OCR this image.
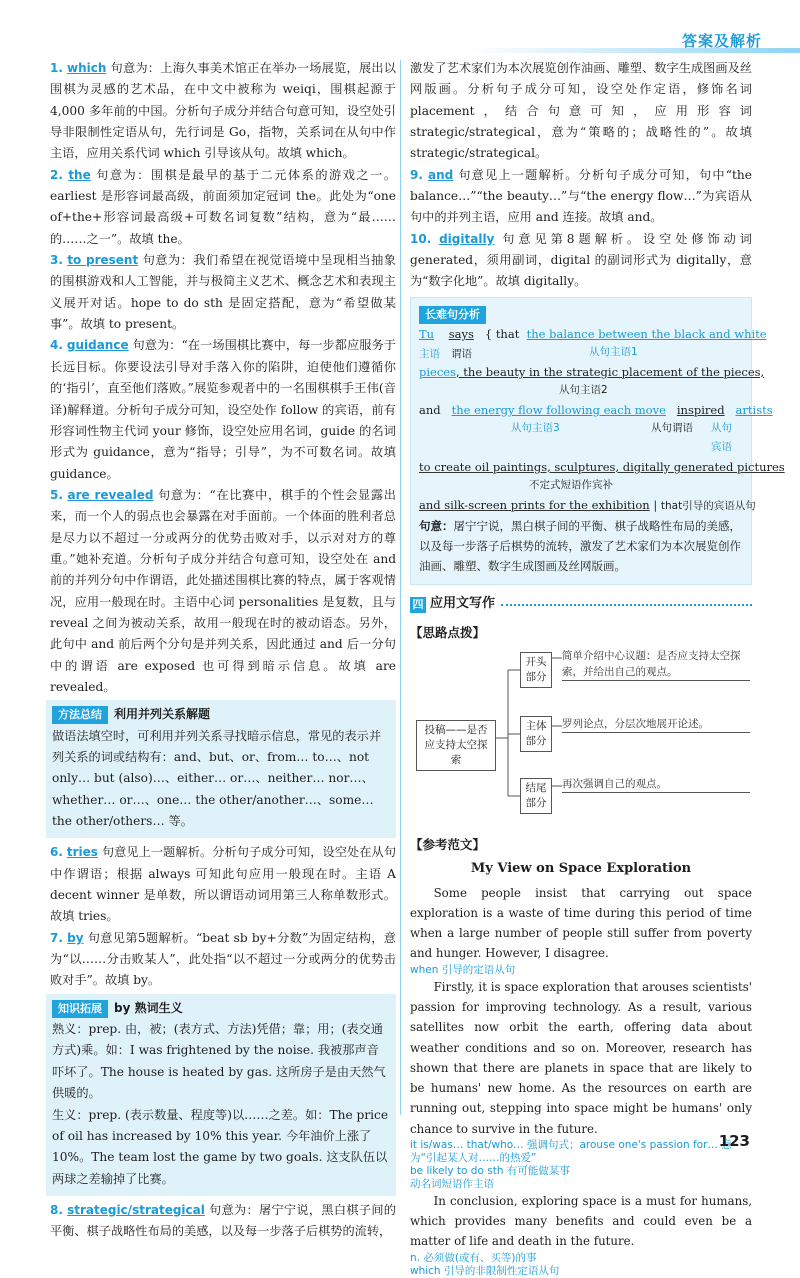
答案及解析
1. which 句意为：上海久事美术馆正在举办一场展览，展出以围棋为灵感的艺术品，在中文中被称为 weiqi，围棋起源于4,000 多年前的中国。分析句子成分并结合句意可知，设空处引导非限制性定语从句，先行词是 Go，指物，关系词在从句中作主语，应用关系代词 which 引导该从句。故填 which。
2. the 句意为：围棋是最早的基于二元体系的游戏之一。earliest 是形容词最高级，前面须加定冠词 the。此处为“one of+the+形容词最高级+可数名词复数”结构，意为“最……的……之一”。故填 the。
3. to present 句意为：我们希望在视觉语境中呈现相当抽象的围棋游戏和人工智能，并与极简主义艺术、概念艺术和表现主义展开对话。hope to do sth 是固定搭配，意为“希望做某事”。故填 to present。
4. guidance 句意为：“在一场围棋比赛中，每一步都应服务于长远目标。你要设法引导对手落入你的陷阱，迫使他们遵循你的‘指引’，直至他们落败。”展览参观者中的一名围棋棋手王伟(音译)解释道。分析句子成分可知，设空处作 follow 的宾语，前有形容词性物主代词 your 修饰，设空处应用名词，guide 的名词形式为 guidance，意为“指导；引导”，为不可数名词。故填 guidance。
5. are revealed 句意为：“在比赛中，棋手的个性会显露出来，而一个人的弱点也会暴露在对手面前。一个体面的胜利者总是尽力以不超过一分或两分的优势击败对手，以示对对方的尊重。”她补充道。分析句子成分并结合句意可知，设空处在 and 前的并列分句中作谓语，此处描述围棋比赛的特点，属于客观情况，应用一般现在时。主语中心词 personalities 是复数，且与 reveal 之间为被动关系，故用一般现在时的被动语态。另外，此句中 and 前后两个分句是并列关系，因此通过 and 后一分句中的谓语 are exposed 也可得到暗示信息。故填 are revealed。
方法总结 利用并列关系解题
做语法填空时，可利用并列关系寻找暗示信息，常见的表示并列关系的词或结构有：and、but、or、from… to…、not only… but (also)…、either… or…、neither… nor…、whether… or…、one… the other/another…、some… the other/others… 等。
6. tries 句意见上一题解析。分析句子成分可知，设空处在从句中作谓语；根据 always 可知此句应用一般现在时。主语 A decent winner 是单数，所以谓语动词用第三人称单数形式。故填 tries。
7. by 句意见第5题解析。“beat sb by+分数”为固定结构，意为“以……分击败某人”，此处指“以不超过一分或两分的优势击败对手”。故填 by。
知识拓展 by 熟词生义
熟义：prep. 由，被；(表方式、方法)凭借；靠；用；(表交通方式)乘。如：I was frightened by the noise. 我被那声音吓坏了。The house is heated by gas. 这所房子是由天然气供暖的。
生义：prep. (表示数量、程度等)以……之差。如：The price of oil has increased by 10% this year. 今年油价上涨了 10%。The team lost the game by two goals. 这支队伍以两球之差输掉了比赛。
8. strategic/strategical 句意为：屠宁宁说，黑白棋子间的平衡、棋子战略性布局的美感，以及每一步落子后棋势的流转，
激发了艺术家们为本次展览创作油画、雕塑、数字生成图画及丝网版画。分析句子成分可知，设空处作定语，修饰名词 placement，结合句意可知，应用形容词 strategic/strategical，意为“策略的；战略性的”。故填 strategic/strategical。
9. and 句意见上一题解析。分析句子成分可知，句中“the balance…”“the beauty…”与“the energy flow…”为宾语从句中的并列主语，应用 and 连接。故填 and。
10. digitally 句意见第8题解析。设空处修饰动词 generated，须用副词，digital 的副词形式为 digitally，意为“数字化地”。故填 digitally。
长难句分析
Tu says   { that the balance between the black and white
主语 谓语	从句主语1
pieces, the beauty in the strategic placement of the pieces,
从句主语2
and the energy flow following each move inspired artists
从句主语3	从句谓语 从句
宾语
to create oil paintings, sculptures, digitally generated pictures
不定式短语作宾补
and silk-screen prints for the exhibition | that引导的宾语从句
句意：屠宁宁说，黑白棋子间的平衡、棋子战略性布局的美感，以及每一步落子后棋势的流转，激发了艺术家们为本次展览创作油画、雕塑、数字生成图画及丝网版画。
四 应用文写作
【思路点拨】
投稿——是否应支持太空探索
开头部分
简单介绍中心议题：是否应支持太空探索，并给出自己的观点。
主体部分
罗列论点，分层次地展开论述。
结尾部分
再次强调自己的观点。
【参考范文】
My View on Space Exploration

Some people insist that carrying out space exploration is a waste of time during this period of time when a large number of people still suffer from poverty and hunger. However, I disagree.

when 引导的定语从句

Firstly, it is space exploration that arouses scientists' passion for improving technology. As a result, various satellites now orbit the earth, offering data about weather conditions and so on. Moreover, research has shown that there are planets in space that are likely to be humans' new home. As the resources on earth are running out, stepping into space might be humans' only chance to survive in the future.

it is/was… that/who… 强调句式；arouse one's passion for… 意为“引起某人对……的热爱”
be likely to do sth 有可能做某事
动名词短语作主语

In conclusion, exploring space is a must for humans, which provides many benefits and could even be a matter of life and death in the future.

n. 必须做(或有、买等)的事
which 引导的非限制性定语从句
123
